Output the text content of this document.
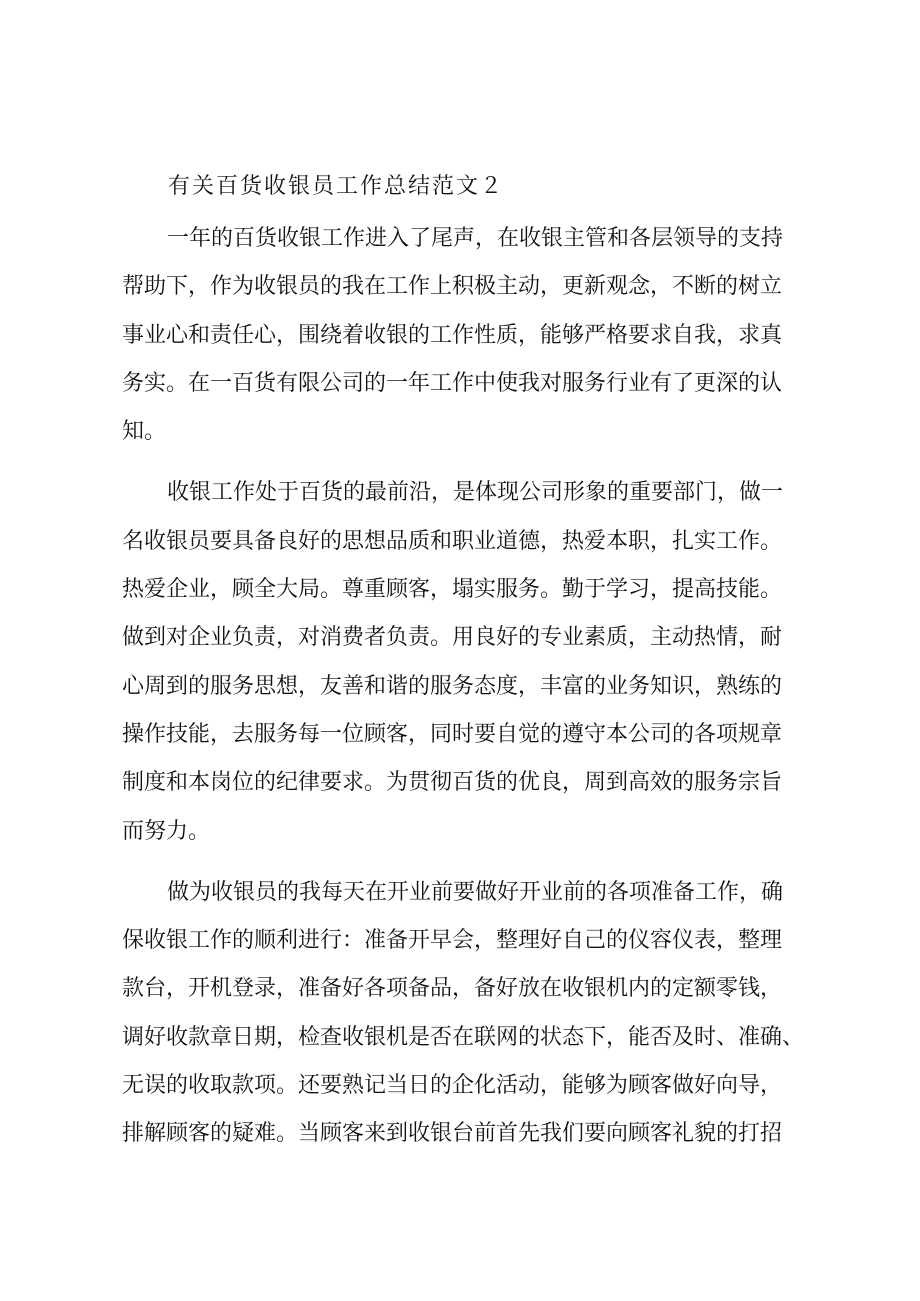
有关百货收银员工作总结范文２
一年的百货收银工作进入了尾声，在收银主管和各层领导的支持
帮助下，作为收银员的我在工作上积极主动，更新观念，不断的树立
事业心和责任心，围绕着收银的工作性质，能够严格要求自我，求真
务实。在一百货有限公司的一年工作中使我对服务行业有了更深的认
知。
收银工作处于百货的最前沿，是体现公司形象的重要部门，做一
名收银员要具备良好的思想品质和职业道德，热爱本职，扎实工作。
热爱企业，顾全大局。尊重顾客，塌实服务。勤于学习，提高技能。
做到对企业负责，对消费者负责。用良好的专业素质，主动热情，耐
心周到的服务思想，友善和谐的服务态度，丰富的业务知识，熟练的
操作技能，去服务每一位顾客，同时要自觉的遵守本公司的各项规章
制度和本岗位的纪律要求。为贯彻百货的优良，周到高效的服务宗旨
而努力。
做为收银员的我每天在开业前要做好开业前的各项准备工作，确
保收银工作的顺利进行：准备开早会，整理好自己的仪容仪表，整理
款台，开机登录，准备好各项备品，备好放在收银机内的定额零钱，
调好收款章日期，检查收银机是否在联网的状态下，能否及时、准确、
无误的收取款项。还要熟记当日的企化活动，能够为顾客做好向导，
排解顾客的疑难。当顾客来到收银台前首先我们要向顾客礼貌的打招
